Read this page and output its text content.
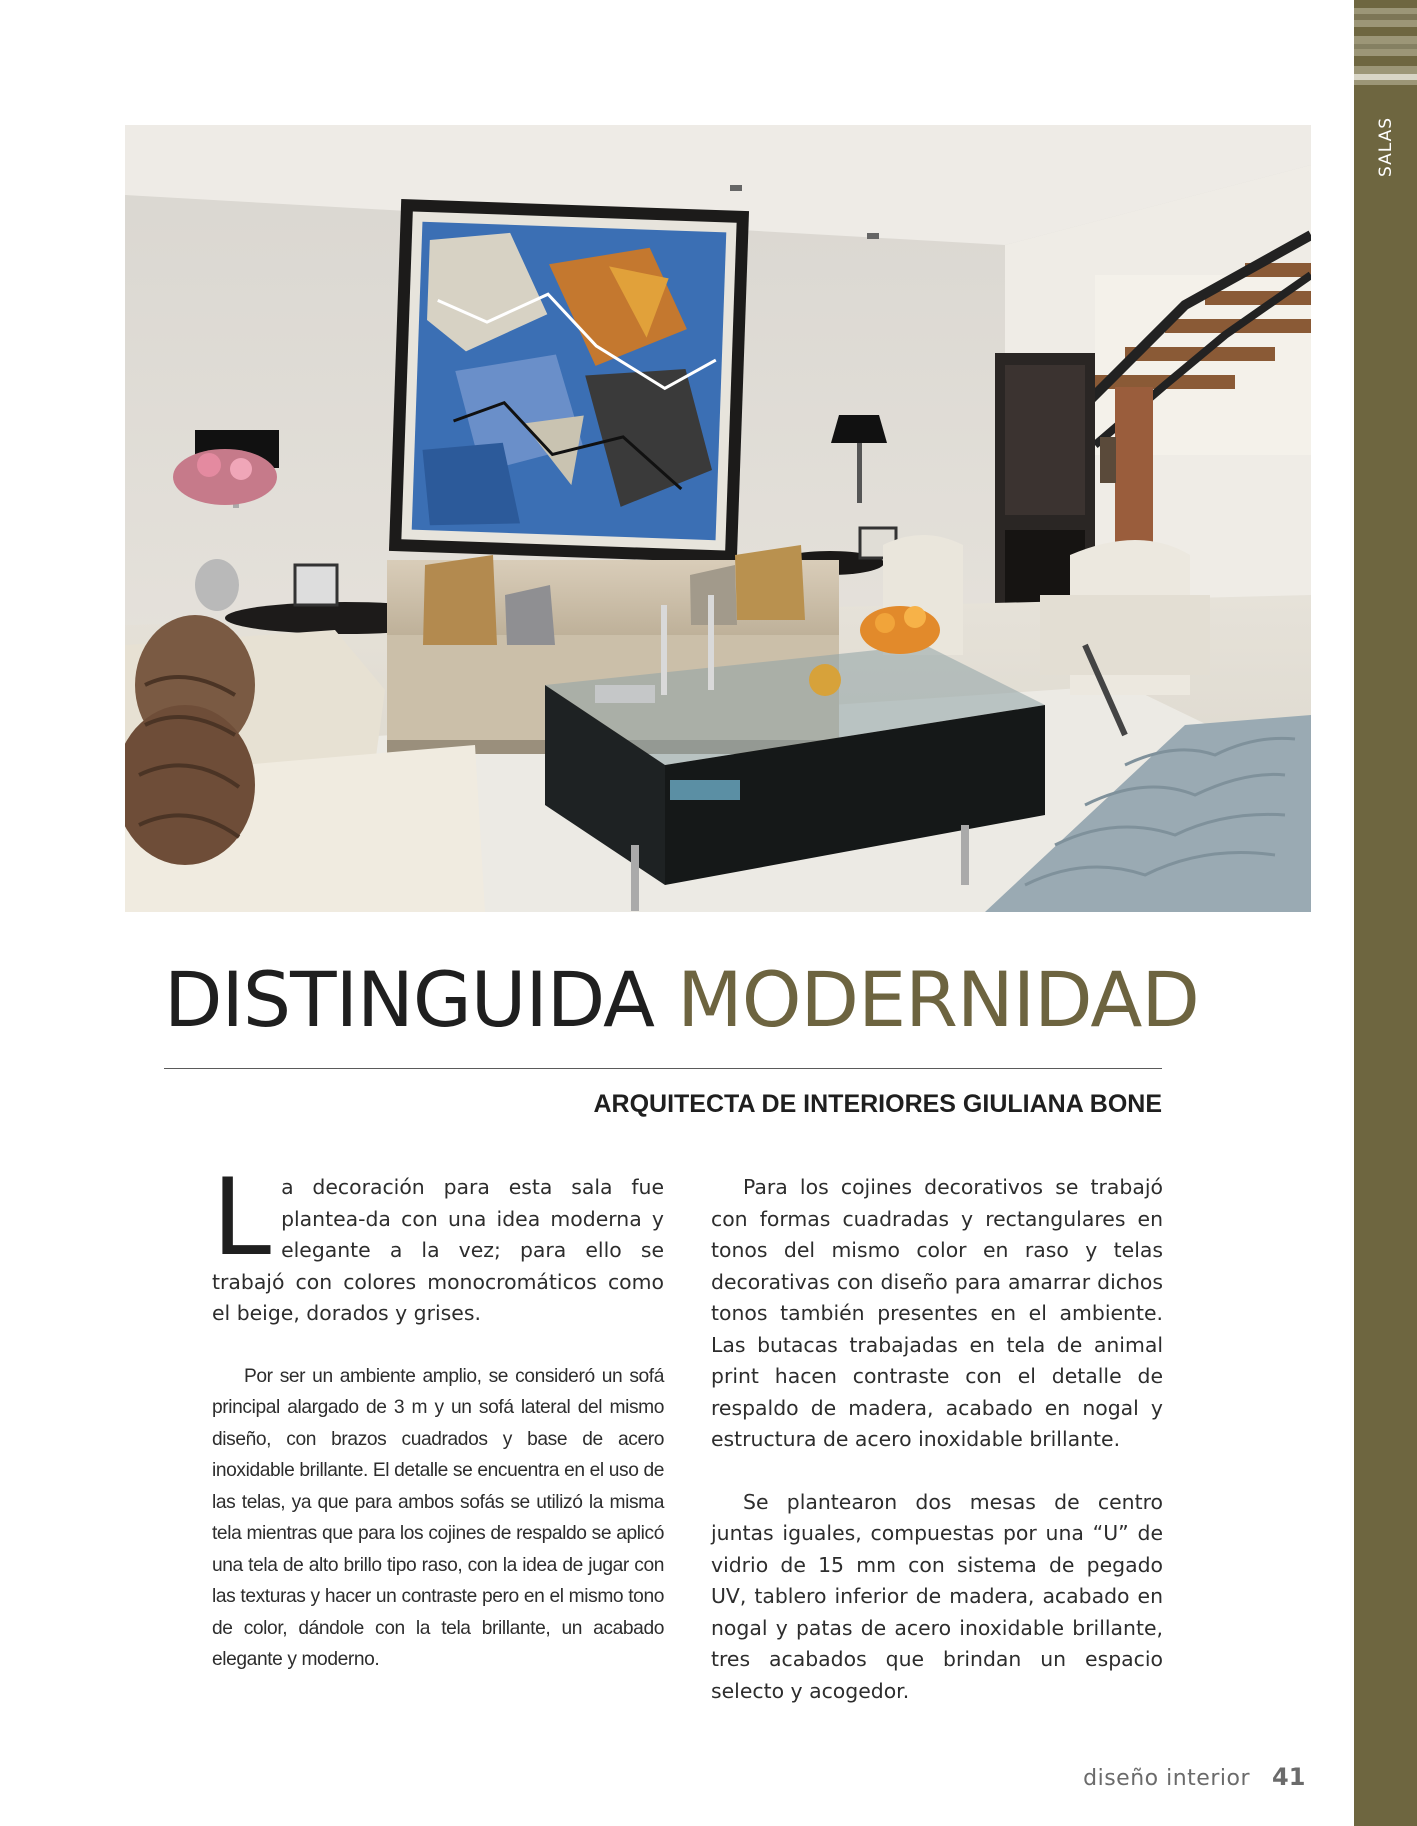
SALAS
DISTINGUIDA MODERNIDAD
ARQUITECTA DE INTERIORES GIULIANA BONE

La decoración para esta sala fue plantea-da con una idea moderna y elegante a la vez; para ello se trabajó con colores monocromáticos como el beige, dorados y grises.

Por ser un ambiente amplio, se consideró un sofá principal alargado de 3 m y un sofá lateral del mismo diseño, con brazos cuadrados y base de acero inoxidable brillante. El detalle se encuentra en el uso de las telas, ya que para ambos sofás se utilizó la misma tela mientras que para los cojines de respaldo se aplicó una tela de alto brillo tipo raso, con la idea de jugar con las texturas y hacer un contraste pero en el mismo tono de color, dándole con la tela brillante, un acabado elegante y moderno.

Para los cojines decorativos se trabajó con formas cuadradas y rectangulares en tonos del mismo color en raso y telas decorativas con diseño para amarrar dichos tonos también presentes en el ambiente. Las butacas trabajadas en tela de animal print hacen contraste con el detalle de respaldo de madera, acabado en nogal y estructura de acero inoxidable brillante.

Se plantearon dos mesas de centro juntas iguales, compuestas por una “U” de vidrio de 15 mm con sistema de pegado UV, tablero inferior de madera, acabado en nogal y patas de acero inoxidable brillante, tres acabados que brindan un espacio selecto y acogedor.

diseño interior 41
